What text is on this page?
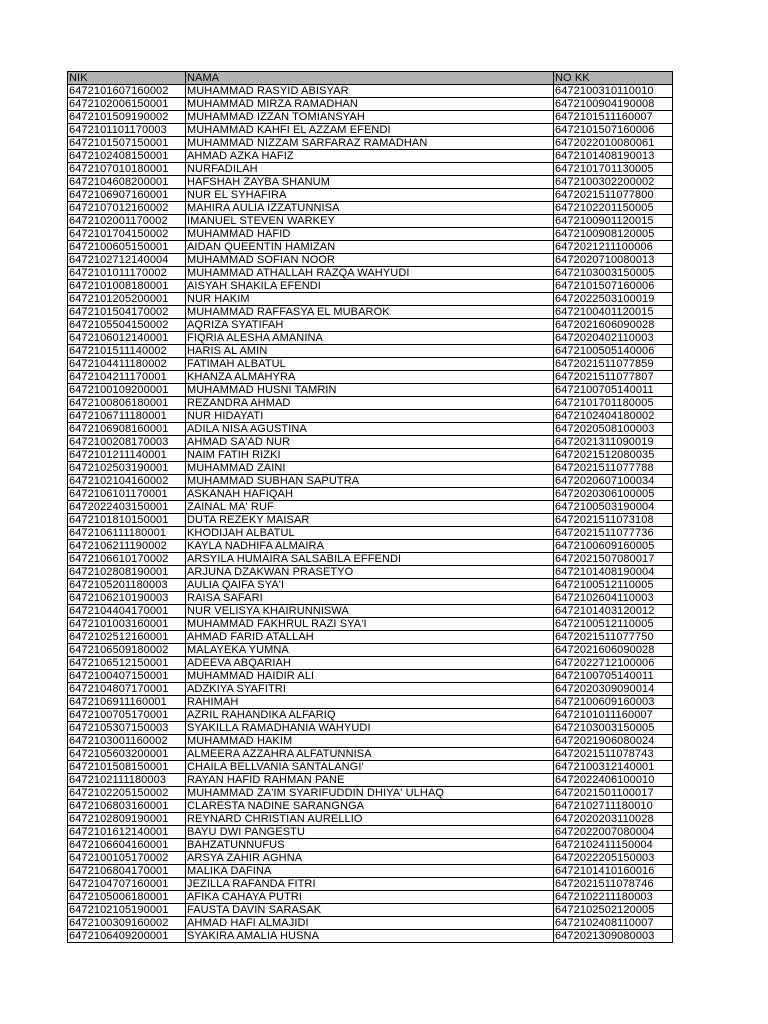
NIK	NAMA	NO KK
6472101607160002	MUHAMMAD RASYID ABISYAR	6472100310110010
6472102006150001	MUHAMMAD MIRZA RAMADHAN	6472100904190008
6472101509190002	MUHAMMAD IZZAN TOMIANSYAH	6472101511160007
6472101101170003	MUHAMMAD KAHFI EL AZZAM EFENDI	6472101507160006
6472101507150001	MUHAMMAD NIZZAM SARFARAZ RAMADHAN	6472022010080061
6472102408150001	AHMAD AZKA HAFIZ	6472101408190013
6472107010180001	NURFADILAH	6472101701130005
6472104608200001	HAFSHAH ZAYBA SHANUM	6472100302200002
6472106907160001	NUR EL SYHAFIRA	6472021511077800
6472107012160002	MAHIRA AULIA IZZATUNNISA	6472102201150005
6472102001170002	IMANUEL STEVEN WARKEY	6472100901120015
6472101704150002	MUHAMMAD HAFID	6472100908120005
6472100605150001	AIDAN QUEENTIN HAMIZAN	6472021211100006
6472102712140004	MUHAMMAD SOFIAN NOOR	6472020710080013
6472101011170002	MUHAMMAD ATHALLAH RAZQA WAHYUDI	6472103003150005
6472101008180001	AISYAH SHAKILA EFENDI	6472101507160006
6472101205200001	NUR HAKIM	6472022503100019
6472101504170002	MUHAMMAD RAFFASYA EL MUBAROK	6472100401120015
6472105504150002	AQRIZA SYATIFAH	6472021606090028
6472106012140001	FIQRIA ALESHA AMANINA	6472020402110003
6472101511140002	HARIS AL AMIN	6472100505140006
6472104411180002	FATIMAH ALBATUL	6472021511077859
6472104211170001	KHANZA ALMAHYRA	6472021511077807
6472100109200001	MUHAMMAD HUSNI TAMRIN	6472100705140011
6472100806180001	REZANDRA AHMAD	6472101701180005
6472106711180001	NUR HIDAYATI	6472102404180002
6472106908160001	ADILA NISA AGUSTINA	6472020508100003
6472100208170003	AHMAD SA'AD NUR	6472021311090019
6472101211140001	NAIM FATIH RIZKI	6472021512080035
6472102503190001	MUHAMMAD ZAINI	6472021511077788
6472102104160002	MUHAMMAD SUBHAN SAPUTRA	6472020607100034
6472106101170001	ASKANAH HAFIQAH	6472020306100005
6472022403150001	ZAINAL MA' RUF	6472100503190004
6472101810150001	DUTA REZEKY MAISAR	6472021511073108
6472106111180001	KHODIJAH ALBATUL	6472021511077736
6472106211190002	KAYLA NADHIFA ALMAIRA	6472100609160005
6472106610170002	ARSYILA HUMAIRA SALSABILA EFFENDI	6472021507080017
6472102808190001	ARJUNA DZAKWAN PRASETYO	6472101408190004
6472105201180003	AULIA QAIFA SYA'I	6472100512110005
6472106210190003	RAISA SAFARI	6472102604110003
6472104404170001	NUR VELISYA KHAIRUNNISWA	6472101403120012
6472101003160001	MUHAMMAD FAKHRUL RAZI SYA'I	6472100512110005
6472102512160001	AHMAD FARID ATALLAH	6472021511077750
6472106509180002	MALAYEKA YUMNA	6472021606090028
6472106512150001	ADEEVA ABQARIAH	6472022712100006
6472100407150001	MUHAMMAD HAIDIR ALI	6472100705140011
6472104807170001	ADZKIYA SYAFITRI	6472020309090014
6472106911160001	RAHIMAH	6472100609160003
6472100705170001	AZRIL RAHANDIKA ALFARIQ	6472101011160007
6472105307150003	SYAKILLA RAMADHANIA WAHYUDI	6472103003150005
6472103001160002	MUHAMMAD HAKIM	6472021906080024
6472105603200001	ALMEERA AZZAHRA ALFATUNNISA	6472021511078743
6472101508150001	CHAILA BELLVANIA SANTALANGI'	6472100312140001
6472102111180003	RAYAN HAFID RAHMAN PANE	6472022406100010
6472102205150002	MUHAMMAD ZA'IM SYARIFUDDIN DHIYA' ULHAQ	6472021501100017
6472106803160001	CLARESTA NADINE SARANGNGA	6472102711180010
6472102809190001	REYNARD CHRISTIAN AURELLIO	6472020203110028
6472101612140001	BAYU DWI PANGESTU	6472022007080004
6472106604160001	BAHZATUNNUFUS	6472102411150004
6472100105170002	ARSYA ZAHIR AGHNA	6472022205150003
6472106804170001	MALIKA DAFINA	6472101410160016
6472104707160001	JEZILLA RAFANDA FITRI	6472021511078746
6472105006180001	AFIKA CAHAYA PUTRI	6472102211180003
6472102105190001	FAUSTA DAVIN SARASAK	6472102502120005
6472100309160002	AHMAD HAFI ALMAJIDI	6472102408110007
6472106409200001	SYAKIRA AMALIA HUSNA	6472021309080003
